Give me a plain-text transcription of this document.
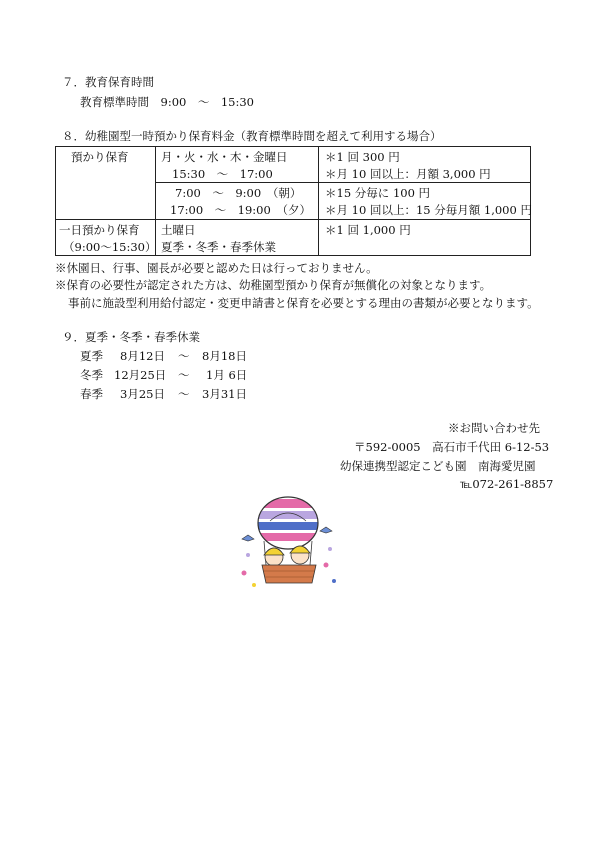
７．教育保育時間
教育標準時間　9:00　～　15:30
８．幼稚園型一時預かり保育料金（教育標準時間を超えて利用する場合）
預かり保育	月・火・水・木・金曜日
15:30　～　17:00
＊1 回 300 円
＊月 10 回以上：月額 3,000 円
7:00　～　9:00　（朝）
17:00　～　19:00　（夕）
＊15 分毎に 100 円
＊月 10 回以上：15 分毎月額 1,000 円
一日預かり保育
（9:00～15:30）
土曜日
夏季・冬季・春季休業
＊1 回 1,000 円
※休園日、行事、園長が必要と認めた日は行っておりません。
※保育の必要性が認定された方は、幼稚園型預かり保育が無償化の対象となります。
事前に施設型利用給付認定・変更申請書と保育を必要とする理由の書類が必要となります。
９．夏季・冬季・春季休業
夏季 8月12日 ～ 8月18日
冬季 12月25日 ～ 1月 6日
春季 3月25日 ～ 3月31日
※お問い合わせ先
〒592-0005　高石市千代田 6-12-53
幼保連携型認定こども園　南海愛児園
℡072-261-8857
